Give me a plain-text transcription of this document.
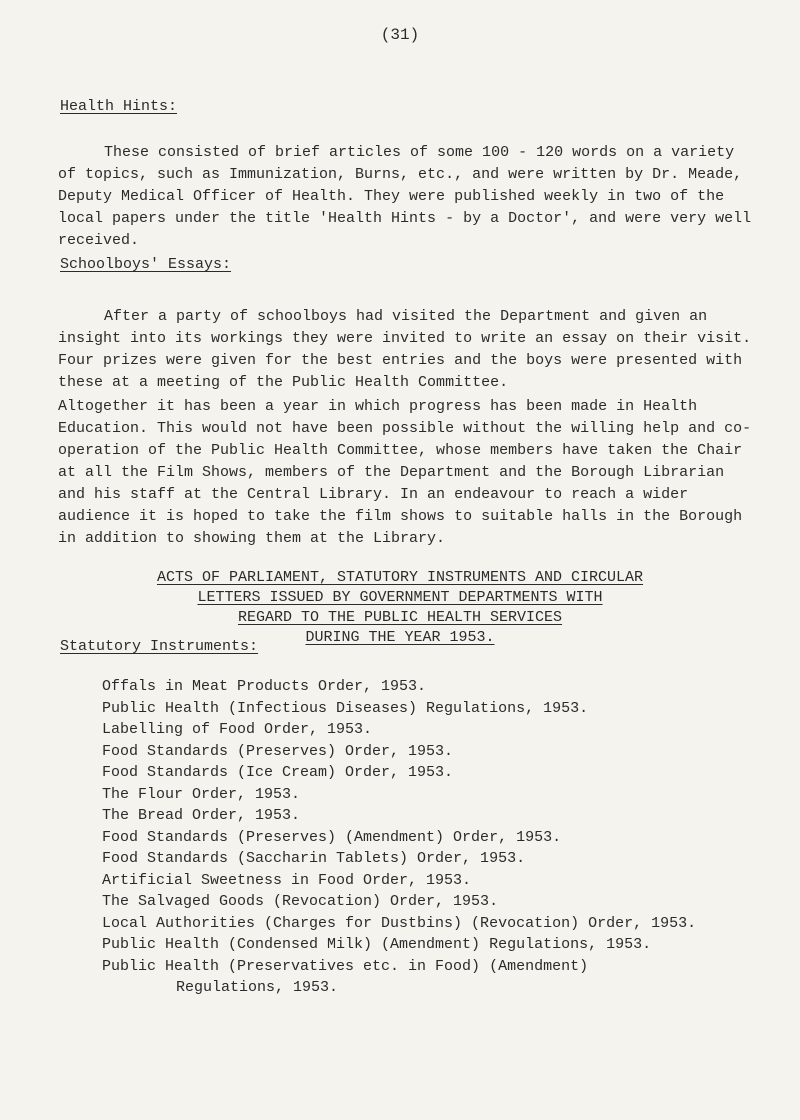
(31)
Health Hints:

These consisted of brief articles of some 100 - 120 words on a variety of topics, such as Immunization, Burns, etc., and were written by Dr. Meade, Deputy Medical Officer of Health. They were published weekly in two of the local papers under the title 'Health Hints - by a Doctor', and were very well received.

Schoolboys' Essays:

After a party of schoolboys had visited the Department and given an insight into its workings they were invited to write an essay on their visit. Four prizes were given for the best entries and the boys were presented with these at a meeting of the Public Health Committee.

Altogether it has been a year in which progress has been made in Health Education. This would not have been possible without the willing help and co-operation of the Public Health Committee, whose members have taken the Chair at all the Film Shows, members of the Department and the Borough Librarian and his staff at the Central Library. In an endeavour to reach a wider audience it is hoped to take the film shows to suitable halls in the Borough in addition to showing them at the Library.

ACTS OF PARLIAMENT, STATUTORY INSTRUMENTS AND CIRCULAR
LETTERS ISSUED BY GOVERNMENT DEPARTMENTS WITH
REGARD TO THE PUBLIC HEALTH SERVICES
DURING THE YEAR 1953.
Statutory Instruments:
Offals in Meat Products Order, 1953.
Public Health (Infectious Diseases) Regulations, 1953.
Labelling of Food Order, 1953.
Food Standards (Preserves) Order, 1953.
Food Standards (Ice Cream) Order, 1953.
The Flour Order, 1953.
The Bread Order, 1953.
Food Standards (Preserves) (Amendment) Order, 1953.
Food Standards (Saccharin Tablets) Order, 1953.
Artificial Sweetness in Food Order, 1953.
The Salvaged Goods (Revocation) Order, 1953.
Local Authorities (Charges for Dustbins) (Revocation) Order, 1953.
Public Health (Condensed Milk) (Amendment) Regulations, 1953.
Public Health (Preservatives etc. in Food) (Amendment)
Regulations, 1953.
